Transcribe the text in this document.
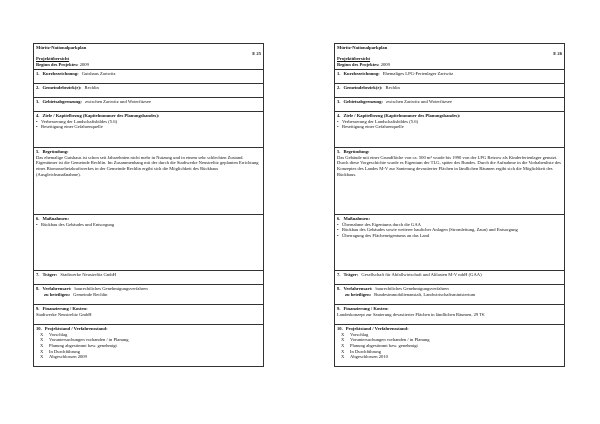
Müritz-Nationalparkplan
E 25
Projektübersicht
Beginn des Projektes: 2009

1. Kurzbezeichnung: Gutshaus Zartwitz
2. Gemeindebezirk(e): Rechlin
3. Gebietsabgrenzung: zwischen Zartwitz und Woterfitzsee

4. Ziele / Kapitelbezug (Kapitelnummer des Planungsbandes):
• Verbesserung der Landschaftsbildes (5.6)
• Beseitigung einer Gefahrenquelle

5. Begründung:
Das ehemalige Gutshaus ist schon seit Jahrzehnten nicht mehr in Nutzung und in einem sehr schlechten Zustand. Eigentümer ist die Gemeinde Rechlin. Im Zusammenhang mit der durch die Stadtwerke Neustrelitz geplanten Errichtung eines Biomasseheizkraftwerkes in der Gemeinde Rechlin ergibt sich die Möglichkeit des Rückbaus (Ausgleichsmaßnahme).

6. Maßnahmen:
• Rückbau des Gebäudes und Entsorgung

7. Träger: Stadtwerke Neustrelitz GmbH

8. Verfahrensart: baurechtliches Genehmigungsverfahren
zu beteiligen: Gemeinde Rechlin

9. Finanzierung / Kosten:
Stadtwerke Neustrelitz GmbH

10. Projektstand / Verfahrensstand:
X Vorschlag
X Voruntersuchungen vorhanden / in Planung
X Planung abgestimmt bzw. genehmigt
X In Durchführung
X Abgeschlossen 2009
Müritz-Nationalparkplan
E 26
Projektübersicht
Beginn des Projektes: 2009

1. Kurzbezeichnung: Ehemaliges LPG-Ferienlager Zartwitz
2. Gemeindebezirk(e): Rechlin
3. Gebietsabgrenzung: zwischen Zartwitz und Woterfitzsee

4. Ziele / Kapitelbezug (Kapitelnummer des Planungsbandes):
• Verbesserung der Landschaftsbildes (5.6)
• Beseitigung einer Gefahrenquelle

5. Begründung:
Das Gebäude mit einer Grundfläche von ca. 500 m² wurde bis 1990 von der LPG Retzow als Kinderferienlager genutzt. Durch diese Vorgeschichte wurde es Eigentum der TLG, später des Bundes. Durch die Aufnahme in die Vorhabenliste des Konzeptes des Landes M-V zur Sanierung devastierter Flächen in ländlichen Räumen ergibt sich die Möglichkeit des Rückbaus.

6. Maßnahmen:
• Übernahme des Eigentums durch die GAA
• Rückbau des Gebäudes sowie weiterer baulicher Anlagen (Stromleitung, Zaun) und Entsorgung
• Überragung des Flächeneigentums an das Land

7. Träger: Gesellschaft für Abfallwirtschaft und Altlasten M-V mbH (GAA)

8. Verfahrensart: baurechtliches Genehmigungsverfahren
zu beteiligen: Bundesimmobilienanstalt, Landwirtschaftsministerium

9. Finanzierung / Kosten:
Landeskonzept zur Sanierung devastierter Flächen in ländlichen Räumen, 29 T€

10. Projektstand / Verfahrensstand:
X Vorschlag
X Voruntersuchungen vorhanden / in Planung
X Planung abgestimmt bzw. genehmigt
X In Durchführung
X Abgeschlossen 2010
